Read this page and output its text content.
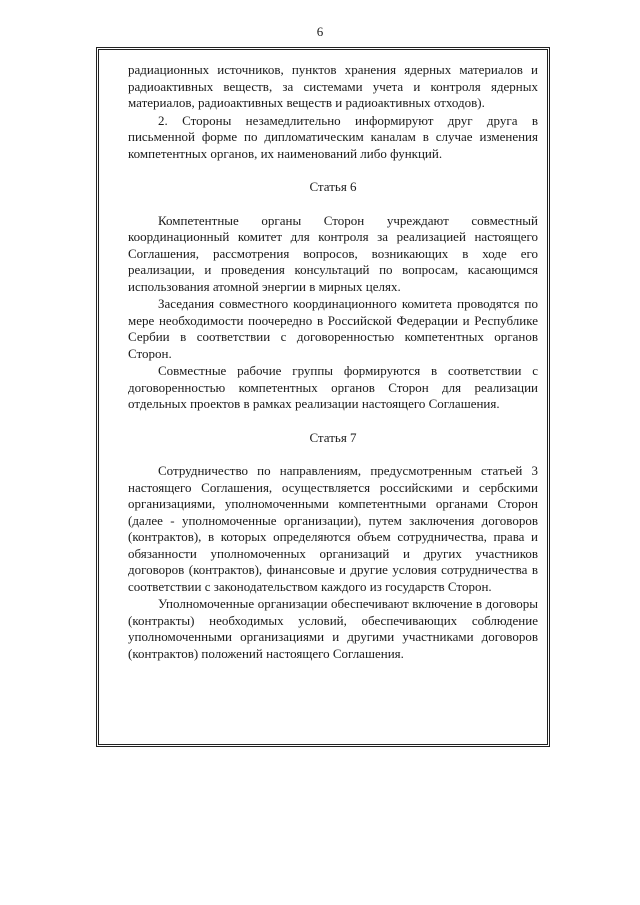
6

радиационных источников, пунктов хранения ядерных материалов и радиоактивных веществ, за системами учета и контроля ядерных материалов, радиоактивных веществ и радиоактивных отходов).

2. Стороны незамедлительно информируют друг друга в письменной форме по дипломатическим каналам в случае изменения компетентных органов, их наименований либо функций.

Статья 6

Компетентные органы Сторон учреждают совместный координационный комитет для контроля за реализацией настоящего Соглашения, рассмотрения вопросов, возникающих в ходе его реализации, и проведения консультаций по вопросам, касающимся использования атомной энергии в мирных целях.

Заседания совместного координационного комитета проводятся по мере необходимости поочередно в Российской Федерации и Республике Сербии в соответствии с договоренностью компетентных органов Сторон.

Совместные рабочие группы формируются в соответствии с договоренностью компетентных органов Сторон для реализации отдельных проектов в рамках реализации настоящего Соглашения.

Статья 7

Сотрудничество по направлениям, предусмотренным статьей 3 настоящего Соглашения, осуществляется российскими и сербскими организациями, уполномоченными компетентными органами Сторон (далее - уполномоченные организации), путем заключения договоров (контрактов), в которых определяются объем сотрудничества, права и обязанности уполномоченных организаций и других участников договоров (контрактов), финансовые и другие условия сотрудничества в соответствии с законодательством каждого из государств Сторон.

Уполномоченные организации обеспечивают включение в договоры (контракты) необходимых условий, обеспечивающих соблюдение уполномоченными организациями и другими участниками договоров (контрактов) положений настоящего Соглашения.
